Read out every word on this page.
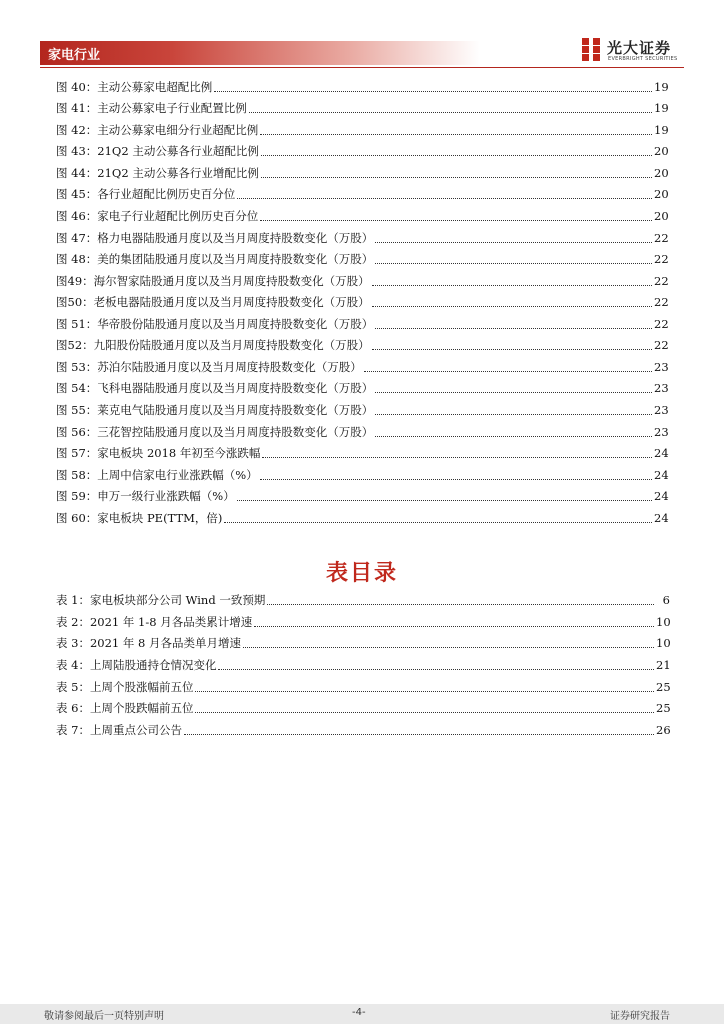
家电行业	光大证券
EVERBRIGHT SECURITIES
图 40：主动公募家电超配比例	19
图 41：主动公募家电子行业配置比例	19
图 42：主动公募家电细分行业超配比例	19
图 43：21Q2 主动公募各行业超配比例	20
图 44：21Q2 主动公募各行业增配比例	20
图 45：各行业超配比例历史百分位	20
图 46：家电子行业超配比例历史百分位	20
图 47：格力电器陆股通月度以及当月周度持股数变化（万股）	22
图 48：美的集团陆股通月度以及当月周度持股数变化（万股）	22
图49：海尔智家陆股通月度以及当月周度持股数变化（万股）	22
图50：老板电器陆股通月度以及当月周度持股数变化（万股）	22
图 51：华帝股份陆股通月度以及当月周度持股数变化（万股）	22
图52：九阳股份陆股通月度以及当月周度持股数变化（万股）	22
图 53：苏泊尔陆股通月度以及当月周度持股数变化（万股）	23
图 54：飞科电器陆股通月度以及当月周度持股数变化（万股）	23
图 55：莱克电气陆股通月度以及当月周度持股数变化（万股）	23
图 56：三花智控陆股通月度以及当月周度持股数变化（万股）	23
图 57：家电板块 2018 年初至今涨跌幅	24
图 58：上周中信家电行业涨跌幅（%）	24
图 59：申万一级行业涨跌幅（%）	24
图 60：家电板块 PE(TTM，倍)	24
表目录
表 1：家电板块部分公司 Wind 一致预期	6
表 2：2021 年 1-8 月各品类累计增速	10
表 3：2021 年 8 月各品类单月增速	10
表 4：上周陆股通持仓情况变化	21
表 5：上周个股涨幅前五位	25
表 6：上周个股跌幅前五位	25
表 7：上周重点公司公告	26
敬请参阅最后一页特别声明	-4-	证券研究报告
